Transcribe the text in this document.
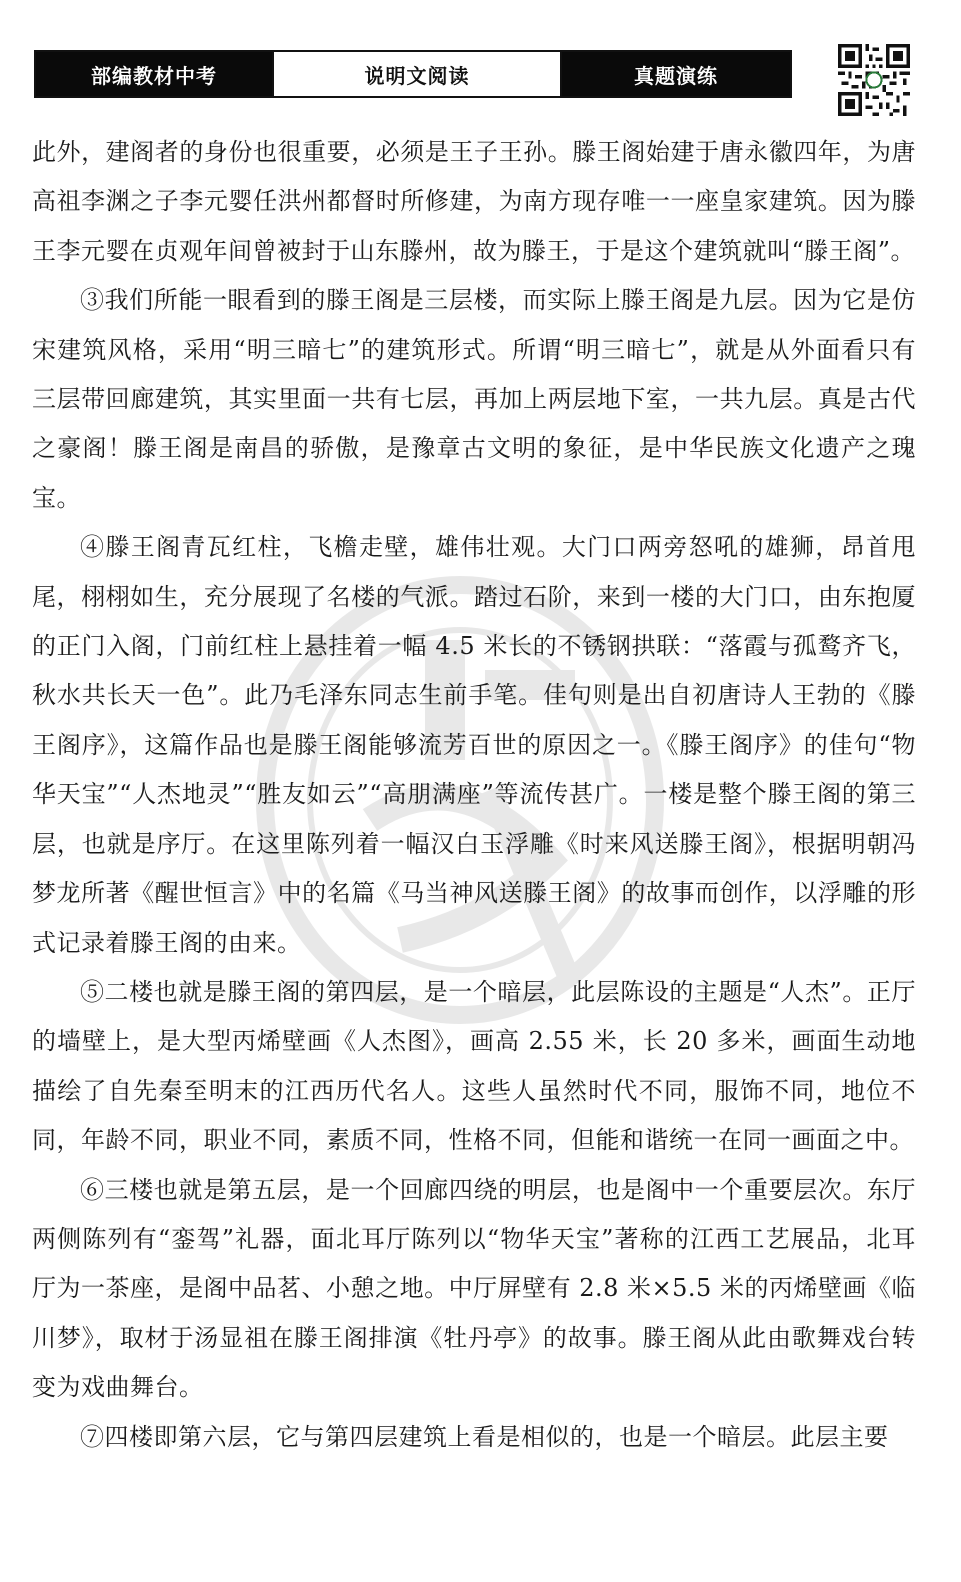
部编教材中考	说明文阅读	真题演练

此外，建阁者的身份也很重要，必须是王子王孙。滕王阁始建于唐永徽四年，为唐高祖李渊之子李元婴任洪州都督时所修建，为南方现存唯一一座皇家建筑。因为滕王李元婴在贞观年间曾被封于山东滕州，故为滕王，于是这个建筑就叫“滕王阁”。

③我们所能一眼看到的滕王阁是三层楼，而实际上滕王阁是九层。因为它是仿宋建筑风格，采用“明三暗七”的建筑形式。所谓“明三暗七”，就是从外面看只有三层带回廊建筑，其实里面一共有七层，再加上两层地下室，一共九层。真是古代之豪阁！滕王阁是南昌的骄傲，是豫章古文明的象征，是中华民族文化遗产之瑰宝。

④滕王阁青瓦红柱，飞檐走壁，雄伟壮观。大门口两旁怒吼的雄狮，昂首甩尾，栩栩如生，充分展现了名楼的气派。踏过石阶，来到一楼的大门口，由东抱厦的正门入阁，门前红柱上悬挂着一幅 4.5 米长的不锈钢拱联：“落霞与孤鹜齐飞，秋水共长天一色”。此乃毛泽东同志生前手笔。佳句则是出自初唐诗人王勃的《滕王阁序》，这篇作品也是滕王阁能够流芳百世的原因之一。《滕王阁序》的佳句“物华天宝”“人杰地灵”“胜友如云”“高朋满座”等流传甚广。一楼是整个滕王阁的第三层，也就是序厅。在这里陈列着一幅汉白玉浮雕《时来风送滕王阁》，根据明朝冯梦龙所著《醒世恒言》中的名篇《马当神风送滕王阁》的故事而创作，以浮雕的形式记录着滕王阁的由来。

⑤二楼也就是滕王阁的第四层，是一个暗层，此层陈设的主题是“人杰”。正厅的墙壁上，是大型丙烯壁画《人杰图》，画高 2.55 米，长 20 多米，画面生动地描绘了自先秦至明末的江西历代名人。这些人虽然时代不同，服饰不同，地位不同，年龄不同，职业不同，素质不同，性格不同，但能和谐统一在同一画面之中。

⑥三楼也就是第五层，是一个回廊四绕的明层，也是阁中一个重要层次。东厅两侧陈列有“銮驾”礼器，面北耳厅陈列以“物华天宝”著称的江西工艺展品，北耳厅为一茶座，是阁中品茗、小憩之地。中厅屏壁有 2.8 米×5.5 米的丙烯壁画《临川梦》，取材于汤显祖在滕王阁排演《牡丹亭》的故事。滕王阁从此由歌舞戏台转变为戏曲舞台。

⑦四楼即第六层，它与第四层建筑上看是相似的，也是一个暗层。此层主要
